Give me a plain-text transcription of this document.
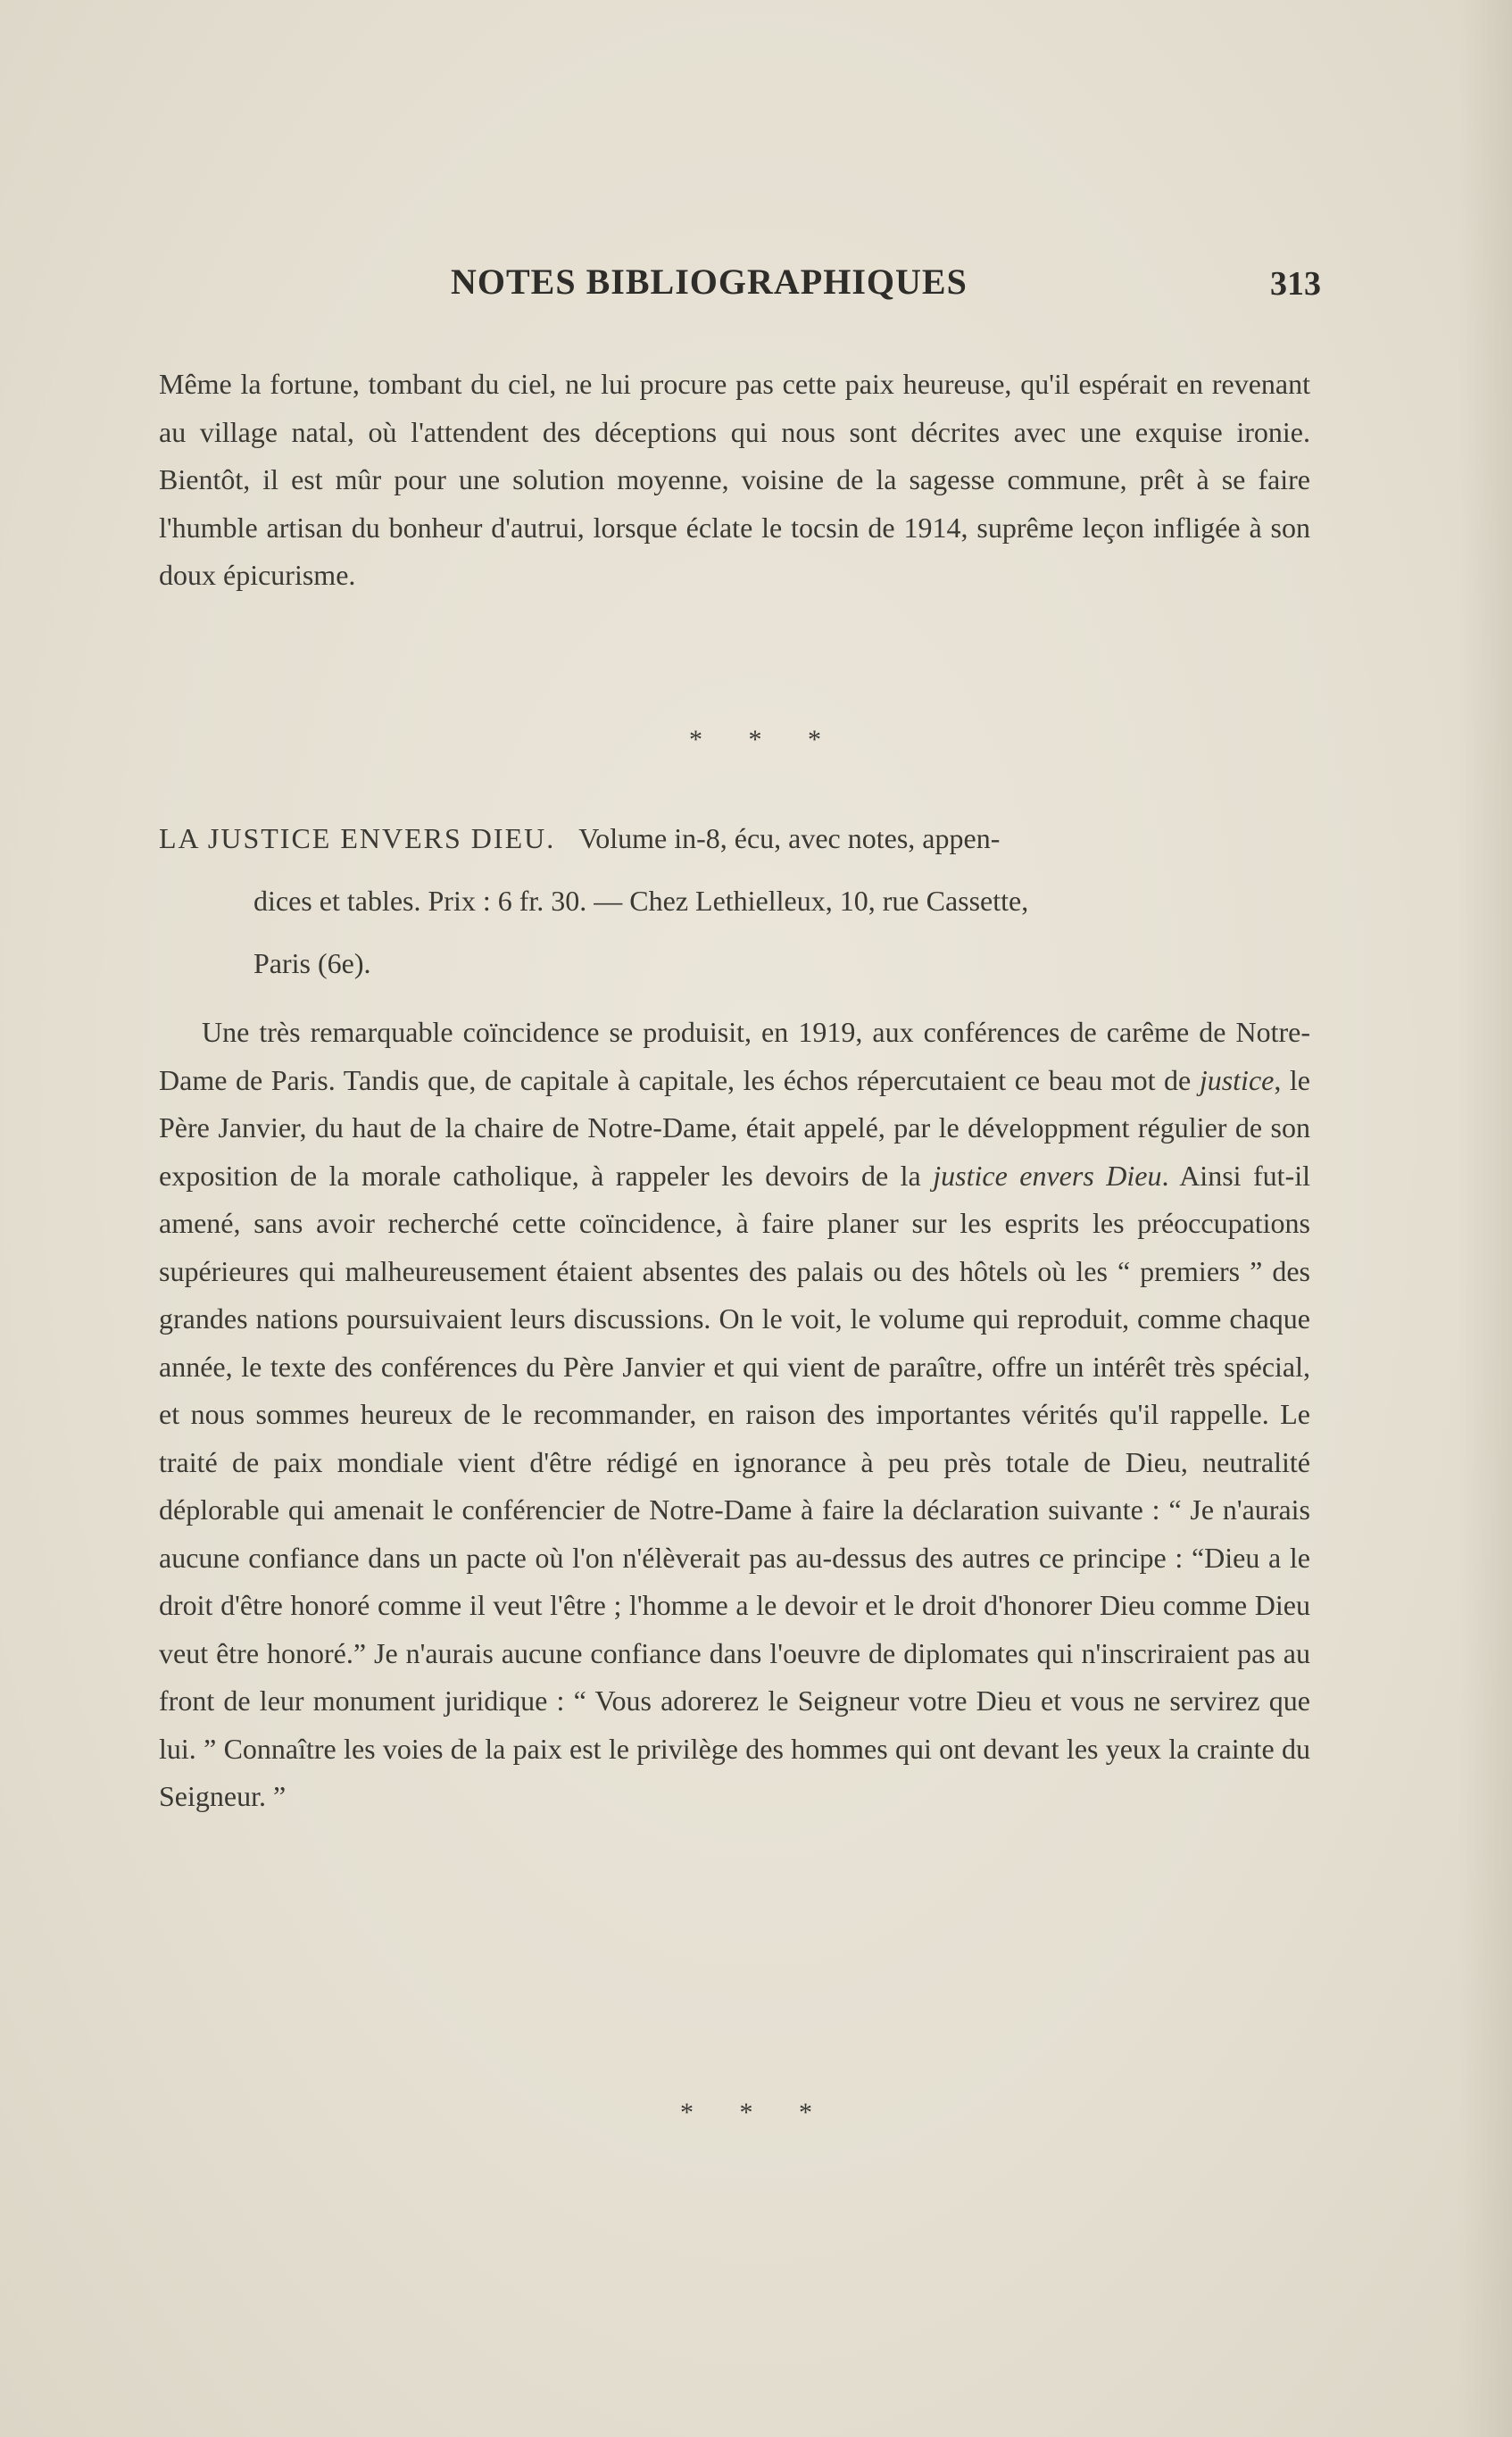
NOTES BIBLIOGRAPHIQUES	313
Même la fortune, tombant du ciel, ne lui procure pas cette paix heureuse, qu'il espérait en revenant au village natal, où l'attendent des déceptions qui nous sont décrites avec une exquise ironie. Bientôt, il est mûr pour une solution moyenne, voisine de la sagesse commune, prêt à se faire l'humble artisan du bonheur d'autrui, lorsque éclate le tocsin de 1914, suprême leçon infligée à son doux épicurisme.
* * *
LA JUSTICE ENVERS DIEU. Volume in-8, écu, avec notes, appen-
dices et tables. Prix : 6 fr. 30. — Chez Lethielleux, 10, rue Cassette,
Paris (6e).
Une très remarquable coïncidence se produisit, en 1919, aux conférences de carême de Notre-Dame de Paris. Tandis que, de capitale à capitale, les échos répercutaient ce beau mot de justice, le Père Janvier, du haut de la chaire de Notre-Dame, était appelé, par le développment régulier de son exposition de la morale catholique, à rappeler les devoirs de la justice envers Dieu. Ainsi fut-il amené, sans avoir recherché cette coïncidence, à faire planer sur les esprits les préoccupations supérieures qui malheureusement étaient absentes des palais ou des hôtels où les “ premiers ” des grandes nations poursuivaient leurs discussions. On le voit, le volume qui reproduit, comme chaque année, le texte des conférences du Père Janvier et qui vient de paraître, offre un intérêt très spécial, et nous sommes heureux de le recommander, en raison des importantes vérités qu'il rappelle. Le traité de paix mondiale vient d'être rédigé en ignorance à peu près totale de Dieu, neutralité déplorable qui amenait le conférencier de Notre-Dame à faire la déclaration suivante : “ Je n'aurais aucune confiance dans un pacte où l'on n'élèverait pas au-dessus des autres ce principe : “Dieu a le droit d'être honoré comme il veut l'être ; l'homme a le devoir et le droit d'honorer Dieu comme Dieu veut être honoré.” Je n'aurais aucune confiance dans l'oeuvre de diplomates qui n'inscriraient pas au front de leur monument juridique : “ Vous adorerez le Seigneur votre Dieu et vous ne servirez que lui. ” Connaître les voies de la paix est le privilège des hommes qui ont devant les yeux la crainte du Seigneur. ”
* * *
